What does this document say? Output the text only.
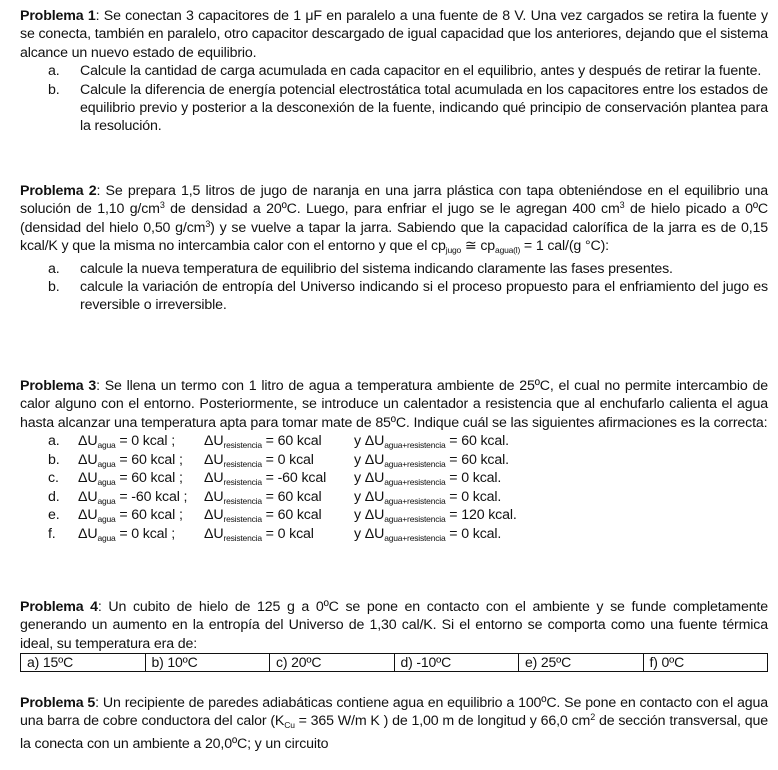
Problema 1: Se conectan 3 capacitores de 1 μF en paralelo a una fuente de 8 V. Una vez cargados se retira la fuente y se conecta, también en paralelo, otro capacitor descargado de igual capacidad que los anteriores, dejando que el sistema alcance un nuevo estado de equilibrio.

a. Calcule la cantidad de carga acumulada en cada capacitor en el equilibrio, antes y después de retirar la fuente.
b. Calcule la diferencia de energía potencial electrostática total acumulada en los capacitores entre los estados de equilibrio previo y posterior a la desconexión de la fuente, indicando qué principio de conservación plantea para la resolución.

Problema 2: Se prepara 1,5 litros de jugo de naranja en una jarra plástica con tapa obteniéndose en el equilibrio una solución de 1,10 $g/cm^3$ de densidad a 20ºC. Luego, para enfriar el jugo se le agregan 400 $cm^3$ de hielo picado a 0ºC (densidad del hielo 0,50 $g/cm^3$) y se vuelve a tapar la jarra. Sabiendo que la capacidad calorífica de la jarra es de 0,15 kcal/K y que la misma no intercambia calor con el entorno y que el $cp_{jugo}$ ≅ $cp_{agua(l)} = 1$ cal/(g °C):

a. calcule la nueva temperatura de equilibrio del sistema indicando claramente las fases presentes.
b. calcule la variación de entropía del Universo indicando si el proceso propuesto para el enfriamiento del jugo es reversible o irreversible.

Problema 3: Se llena un termo con 1 litro de agua a temperatura ambiente de 25ºC, el cual no permite intercambio de calor alguno con el entorno. Posteriormente, se introduce un calentador a resistencia que al enchufarlo calienta el agua hasta alcanzar una temperatura apta para tomar mate de 85ºC. Indique cuál se las siguientes afirmaciones es la correcta:

a. $\Delta U_{agua} = 0$ kcal ; $\Delta U_{resistencia} = 60$ kcal y $\Delta U_{agua+resistencia} = 60$ kcal.
b. $\Delta U_{agua} = 60$ kcal ; $\Delta U_{resistencia} = 0$ kcal	y $\Delta U_{agua+resistencia} = 60$ kcal.
c. $\Delta U_{agua} = 60$ kcal ; $\Delta U_{resistencia} = -60$ kcal y $\Delta U_{agua+resistencia} = 0$ kcal.
d. $\Delta U_{agua} = -60$ kcal ; $\Delta U_{resistencia} = 60$ kcal y $\Delta U_{agua+resistencia} = 0$ kcal.
e. $\Delta U_{agua} = 60$ kcal ; $\Delta U_{resistencia} = 60$ kcal y $\Delta U_{agua+resistencia} = 120$ kcal.
f. $\Delta U_{agua} = 0$ kcal ; $\Delta U_{resistencia} = 0$ kcal	y $\Delta U_{agua+resistencia} = 0$ kcal.

Problema 4: Un cubito de hielo de 125 g a 0ºC se pone en contacto con el ambiente y se funde completamente generando un aumento en la entropía del Universo de 1,30 cal/K. Si el entorno se comporta como una fuente térmica ideal, su temperatura era de:

a) 15ºC	b) 10ºC	c) 20ºC	d) -10ºC	e) 25ºC	f) 0ºC

Problema 5: Un recipiente de paredes adiabáticas contiene agua en equilibrio a 100ºC. Se pone en contacto con el agua una barra de cobre conductora del calor ($K_{Cu} = 365$ W/m K ) de 1,00 m de longitud y 66,0 $cm^2$ de sección transversal, que la conecta con un ambiente a 20,0ºC; y un circuito
